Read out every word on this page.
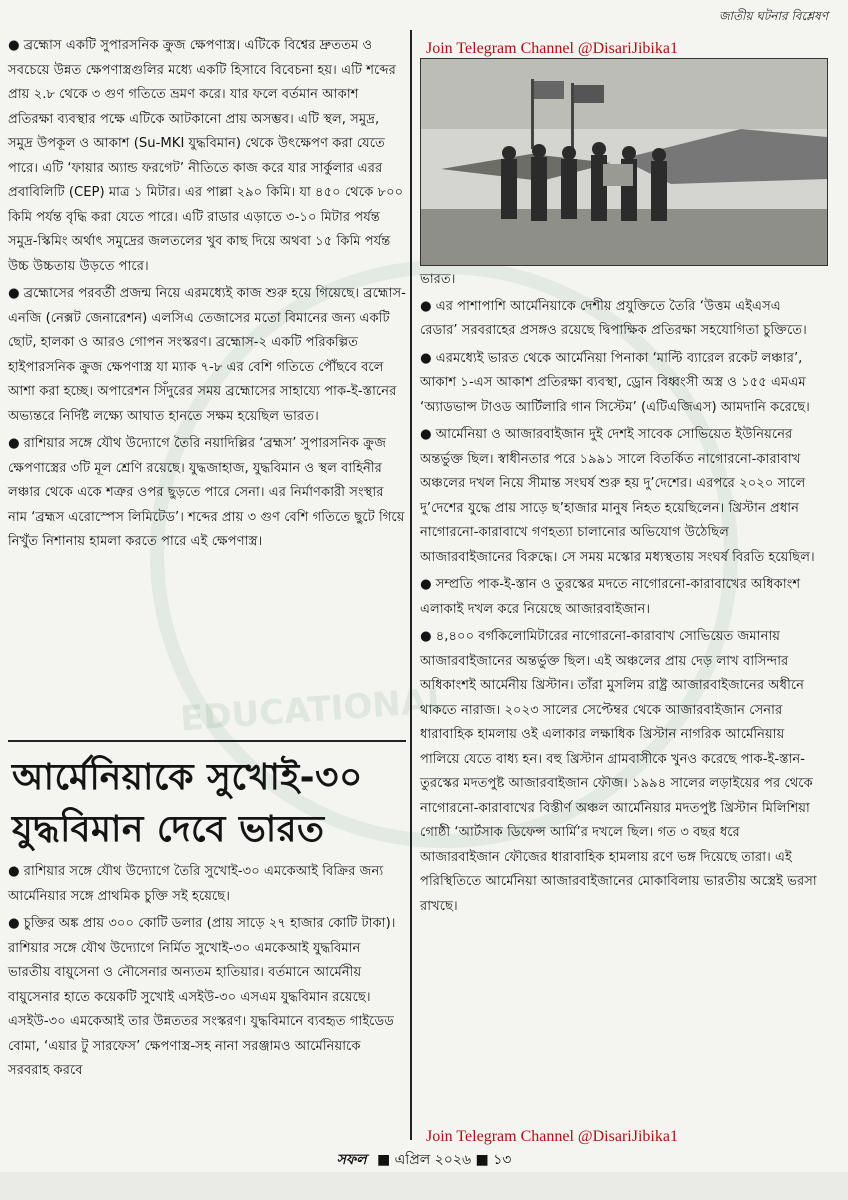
EDUCATIONAL
জাতীয় ঘটনার বিশ্লেষণ
Join Telegram Channel @DisariJibika1

● ব্রহ্মোস একটি সুপারসনিক ক্রুজ ক্ষেপণাস্ত্র। এটিকে বিশ্বের দ্রুততম ও সবচেয়ে উন্নত ক্ষেপণাস্ত্রগুলির মধ্যে একটি হিসাবে বিবেচনা হয়। এটি শব্দের প্রায় ২.৮ থেকে ৩ গুণ গতিতে ভ্রমণ করে। যার ফলে বর্তমান আকাশ প্রতিরক্ষা ব্যবস্থার পক্ষে এটিকে আটকানো প্রায় অসম্ভব। এটি স্থল, সমুদ্র, সমুদ্র উপকূল ও আকাশ (Su-MKI যুদ্ধবিমান) থেকে উৎক্ষেপণ করা যেতে পারে। এটি ‘ফায়ার অ্যান্ড ফরগেট’ নীতিতে কাজ করে যার সার্কুলার এরর প্রবাবিলিটি (CEP) মাত্র ১ মিটার। এর পাল্লা ২৯০ কিমি। যা ৪৫০ থেকে ৮০০ কিমি পর্যন্ত বৃদ্ধি করা যেতে পারে। এটি রাডার এড়াতে ৩-১০ মিটার পর্যন্ত সমুদ্র-স্কিমিং অর্থাৎ সমুদ্রের জলতলের খুব কাছ দিয়ে অথবা ১৫ কিমি পর্যন্ত উচ্চ উচ্চতায় উড়তে পারে।

● ব্রহ্মোসের পরবর্তী প্রজন্ম নিয়ে এরমধ্যেই কাজ শুরু হয়ে গিয়েছে। ব্রহ্মোস-এনজি (নেক্সট জেনারেশন) এলসিএ তেজাসের মতো বিমানের জন্য একটি ছোট, হালকা ও আরও গোপন সংস্করণ। ব্রহ্মোস-২ একটি পরিকল্পিত হাইপারসনিক ক্রুজ ক্ষেপণাস্ত্র যা ম্যাক ৭-৮ এর বেশি গতিতে পৌঁছবে বলে আশা করা হচ্ছে। অপারেশন সিঁদুরের সময় ব্রহ্মোসের সাহায্যে পাক-ই-স্তানের অভ্যন্তরে নির্দিষ্ট লক্ষ্যে আঘাত হানতে সক্ষম হয়েছিল ভারত।

● রাশিয়ার সঙ্গে যৌথ উদ্যোগে তৈরি নয়াদিল্লির ‘ব্রহ্মস’ সুপারসনিক ক্রুজ ক্ষেপণাস্ত্রের ৩টি মূল শ্রেণি রয়েছে। যুদ্ধজাহাজ, যুদ্ধবিমান ও স্থল বাহিনীর লঞ্চার থেকে একে শত্রুর ওপর ছুড়তে পারে সেনা। এর নির্মাণকারী সংস্থার নাম ‘ব্রহ্মস এরোস্পেস লিমিটেড’। শব্দের প্রায় ৩ গুণ বেশি গতিতে ছুটে গিয়ে নিখুঁত নিশানায় হামলা করতে পারে এই ক্ষেপণাস্ত্র।

আর্মেনিয়াকে সুখোই-৩০
যুদ্ধবিমান দেবে ভারত

● রাশিয়ার সঙ্গে যৌথ উদ্যোগে তৈরি সুখোই-৩০ এমকেআই বিক্রির জন্য আর্মেনিয়ার সঙ্গে প্রাথমিক চুক্তি সই হয়েছে।

● চুক্তির অঙ্ক প্রায় ৩০০ কোটি ডলার (প্রায় সাড়ে ২৭ হাজার কোটি টাকা)। রাশিয়ার সঙ্গে যৌথ উদ্যোগে নির্মিত সুখোই-৩০ এমকেআই যুদ্ধবিমান ভারতীয় বায়ুসেনা ও নৌসেনার অন্যতম হাতিয়ার। বর্তমানে আর্মেনীয় বায়ুসেনার হাতে কয়েকটি সুখোই এসইউ-৩০ এসএম যুদ্ধবিমান রয়েছে। এসইউ-৩০ এমকেআই তার উন্নততর সংস্করণ। যুদ্ধবিমানে ব্যবহৃত গাইডেড বোমা, ‘এয়ার টু সারফেস’ ক্ষেপণাস্ত্র-সহ নানা সরঞ্জামও আর্মেনিয়াকে সরবরাহ করবে

ভারত।

● এর পাশাপাশি আর্মেনিয়াকে দেশীয় প্রযুক্তিতে তৈরি ‘উত্তম এইএসএ রেডার’ সরবরাহের প্রসঙ্গও রয়েছে দ্বিপাক্ষিক প্রতিরক্ষা সহযোগিতা চুক্তিতে।

● এরমধ্যেই ভারত থেকে আর্মেনিয়া পিনাকা ‘মাল্টি ব্যারেল রকেট লঞ্চার’, আকাশ ১-এস আকাশ প্রতিরক্ষা ব্যবস্থা, ড্রোন বিধ্বংসী অস্ত্র ও ১৫৫ এমএম ‘অ্যাডভান্স টাওড আর্টিলারি গান সিস্টেম’ (এটিএজিএস) আমদানি করেছে।

● আর্মেনিয়া ও আজারবাইজান দুই দেশই সাবেক সোভিয়েত ইউনিয়নের অন্তর্ভুক্ত ছিল। স্বাধীনতার পরে ১৯৯১ সালে বিতর্কিত নাগোরনো-কারাবাখ অঞ্চলের দখল নিয়ে সীমান্ত সংঘর্ষ শুরু হয় দু’দেশের। এরপরে ২০২০ সালে দু’দেশের যুদ্ধে প্রায় সাড়ে ছ’হাজার মানুষ নিহত হয়েছিলেন। খ্রিস্টান প্রধান নাগোরনো-কারাবাখে গণহত্যা চালানোর অভিযোগ উঠেছিল আজারবাইজানের বিরুদ্ধে। সে সময় মস্কোর মধ্যস্থতায় সংঘর্ষ বিরতি হয়েছিল।

● সম্প্রতি পাক-ই-স্তান ও তুরস্কের মদতে নাগোরনো-কারাবাখের অধিকাংশ এলাকাই দখল করে নিয়েছে আজারবাইজান।

● ৪,৪০০ বর্গকিলোমিটারের নাগোরনো-কারাবাখ সোভিয়েত জমানায় আজারবাইজানের অন্তর্ভুক্ত ছিল। এই অঞ্চলের প্রায় দেড় লাখ বাসিন্দার অধিকাংশই আর্মেনীয় খ্রিস্টান। তাঁরা মুসলিম রাষ্ট্র আজারবাইজানের অধীনে থাকতে নারাজ। ২০২৩ সালের সেপ্টেম্বর থেকে আজারবাইজান সেনার ধারাবাহিক হামলায় ওই এলাকার লক্ষাধিক খ্রিস্টান নাগরিক আর্মেনিয়ায় পালিয়ে যেতে বাধ্য হন। বহু খ্রিস্টান গ্রামবাসীকে খুনও করেছে পাক-ই-স্তান-তুরস্কের মদতপুষ্ট আজারবাইজান ফৌজ। ১৯৯৪ সালের লড়াইয়ের পর থেকে নাগোরনো-কারাবাখের বিস্তীর্ণ অঞ্চল আর্মেনিয়ার মদতপুষ্ট খ্রিস্টান মিলিশিয়া গোষ্ঠী ‘আর্টসাক ডিফেন্স আর্মি’র দখলে ছিল। গত ৩ বছর ধরে আজারবাইজান ফৌজের ধারাবাহিক হামলায় রণে ভঙ্গ দিয়েছে তারা। এই পরিস্থিতিতে আর্মেনিয়া আজারবাইজানের মোকাবিলায় ভারতীয় অস্ত্রেই ভরসা রাখছে।

Join Telegram Channel @DisariJibika1
সফল ■ এপ্রিল ২০২৬ ■ ১৩
